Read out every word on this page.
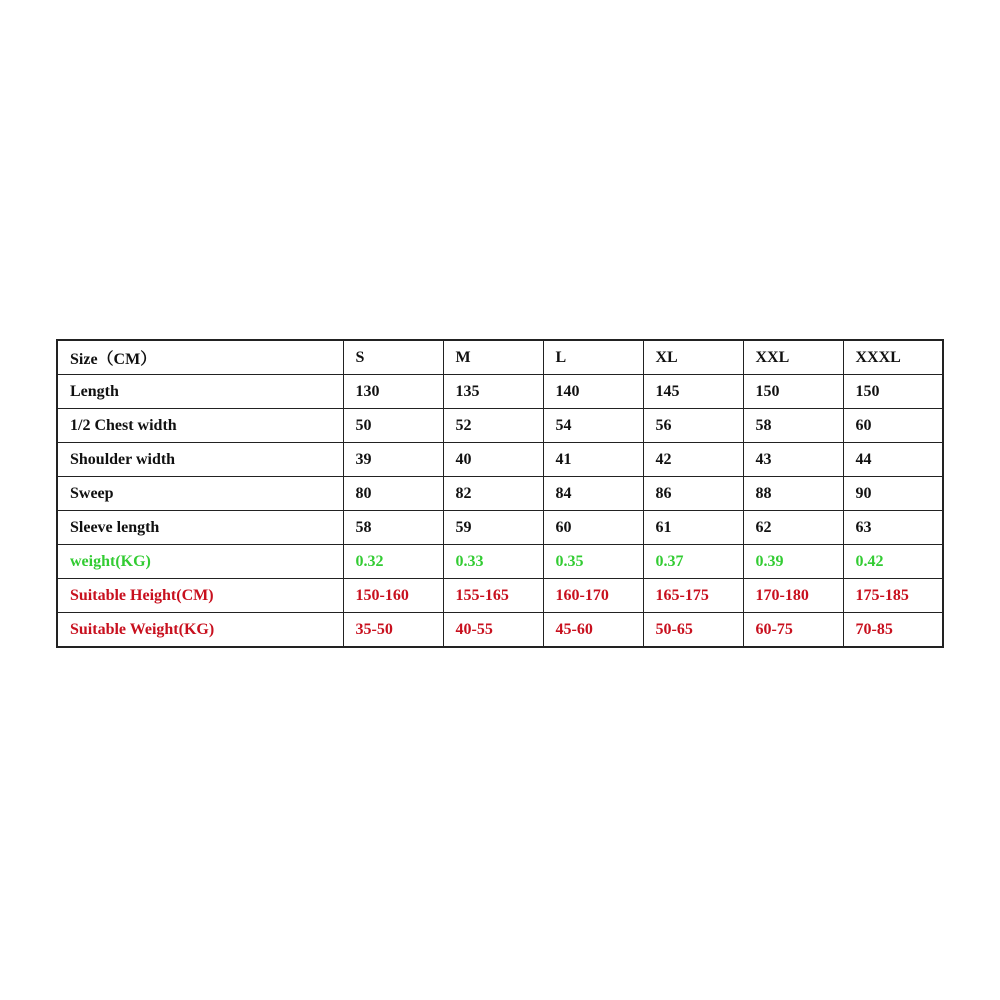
Size（CM）	S	M	L	XL	XXL	XXXL
Length	130	135	140	145	150	150
1/2 Chest width	50	52	54	56	58	60
Shoulder width	39	40	41	42	43	44
Sweep	80	82	84	86	88	90
Sleeve length	58	59	60	61	62	63
weight(KG)	0.32	0.33	0.35	0.37	0.39	0.42
Suitable Height(CM)	150-160	155-165	160-170	165-175	170-180	175-185
Suitable Weight(KG)	35-50	40-55	45-60	50-65	60-75	70-85
